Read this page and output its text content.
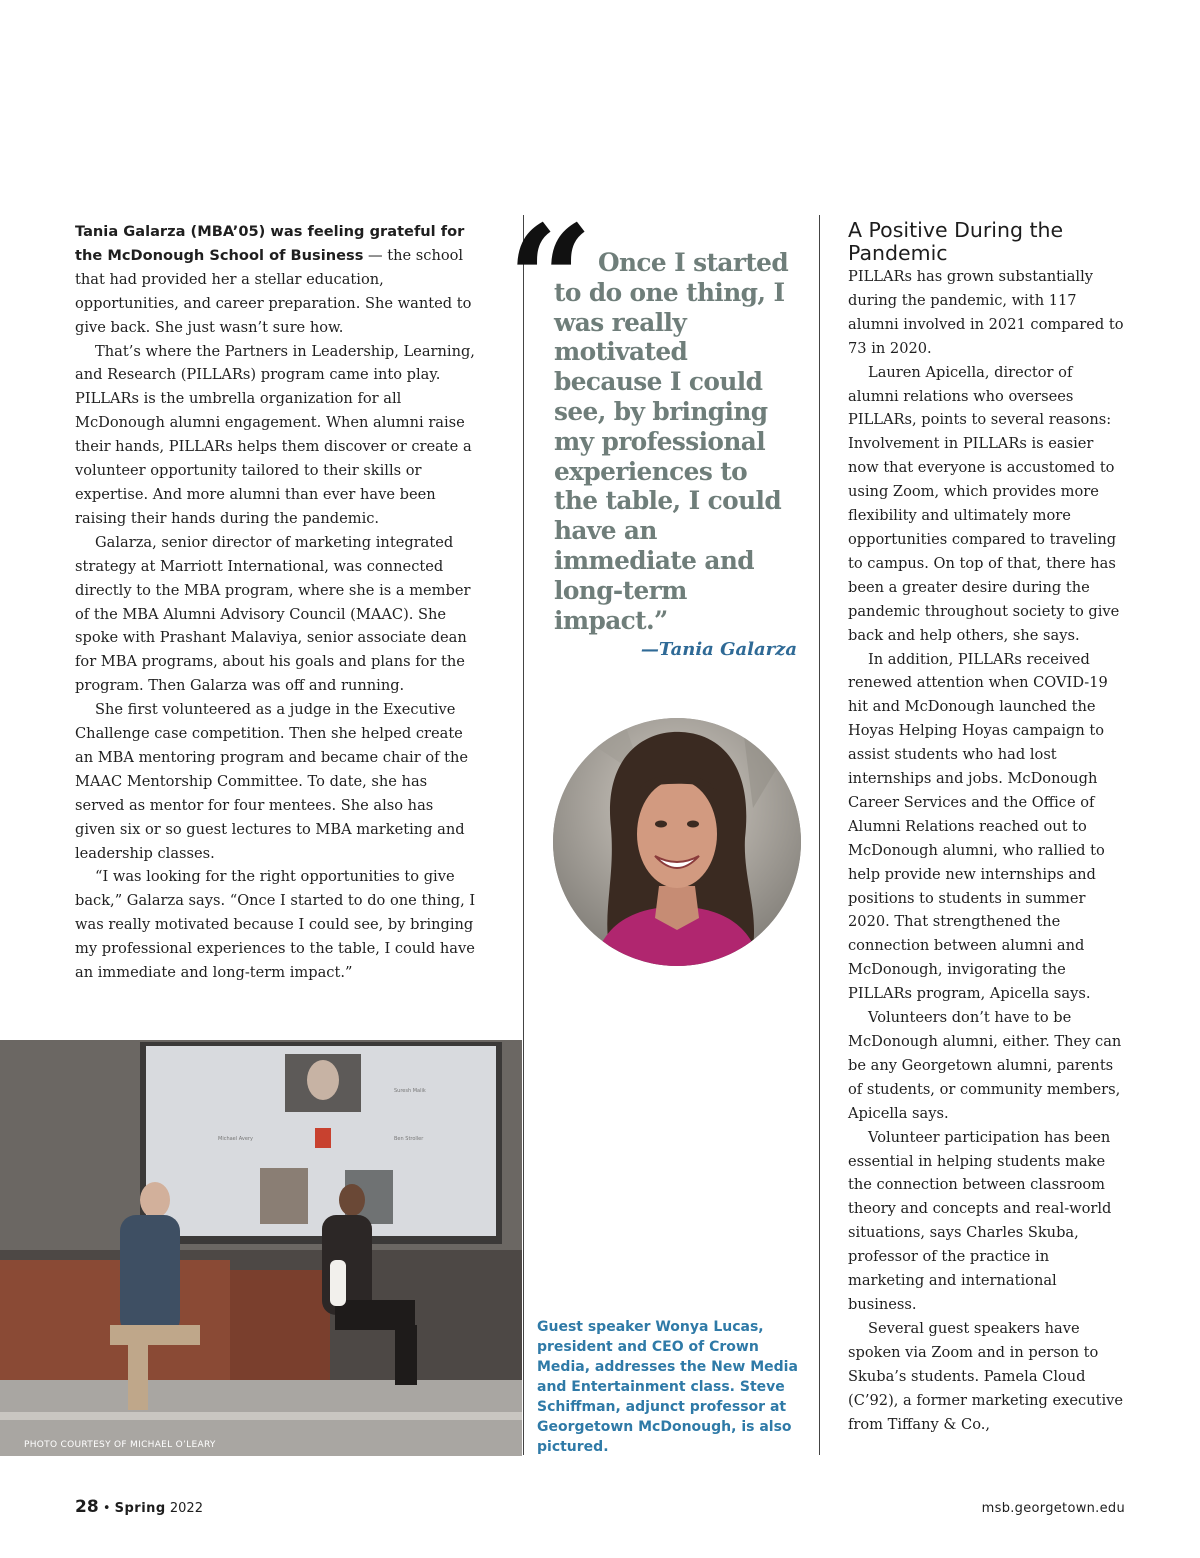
Tania Galarza (MBA’05) was feeling grateful for the McDonough School of Business — the school that had provided her a stellar education, opportunities, and career preparation. She wanted to give back. She just wasn’t sure how.

That’s where the Partners in Leadership, Learning, and Research (PILLARs) program came into play. PILLARs is the umbrella organization for all McDonough alumni engagement. When alumni raise their hands, PILLARs helps them discover or create a volunteer opportunity tailored to their skills or expertise. And more alumni than ever have been raising their hands during the pandemic.

Galarza, senior director of marketing integrated strategy at Marriott International, was connected directly to the MBA program, where she is a member of the MBA Alumni Advisory Council (MAAC). She spoke with Prashant Malaviya, senior associate dean for MBA programs, about his goals and plans for the program. Then Galarza was off and running.

She first volunteered as a judge in the Executive Challenge case competition. Then she helped create an MBA mentoring program and became chair of the MAAC Mentorship Committee. To date, she has served as mentor for four mentees. She also has given six or so guest lectures to MBA marketing and leadership classes.

“I was looking for the right opportunities to give back,” Galarza says. “Once I started to do one thing, I was really motivated because I could see, by bringing my professional experiences to the table, I could have an immediate and long-term impact.”

“ Once I started to do one thing, I was really motivated because I could see, by bringing my professional experiences to the table, I could have an immediate and long-term impact.”
—Tania Galarza
Suresh Malik
Michael Avery	Ben Stroller
PHOTO COURTESY OF MICHAEL O’LEARY
Guest speaker Wonya Lucas, president and CEO of Crown Media, addresses the New Media and Entertainment class. Steve Schiffman, adjunct professor at Georgetown McDonough, is also pictured.
A Positive During the Pandemic

PILLARs has grown substantially during the pandemic, with 117 alumni involved in 2021 compared to 73 in 2020.

Lauren Apicella, director of alumni relations who oversees PILLARs, points to several reasons: Involvement in PILLARs is easier now that everyone is accustomed to using Zoom, which provides more flexibility and ultimately more opportunities compared to traveling to campus. On top of that, there has been a greater desire during the pandemic throughout society to give back and help others, she says.

In addition, PILLARs received renewed attention when COVID-19 hit and McDonough launched the Hoyas Helping Hoyas campaign to assist students who had lost internships and jobs. McDonough Career Services and the Office of Alumni Relations reached out to McDonough alumni, who rallied to help provide new internships and positions to students in summer 2020. That strengthened the connection between alumni and McDonough, invigorating the PILLARs program, Apicella says.

Volunteers don’t have to be McDonough alumni, either. They can be any Georgetown alumni, parents of students, or community members, Apicella says.

Volunteer participation has been essential in helping students make the connection between classroom theory and concepts and real-world situations, says Charles Skuba, professor of the practice in marketing and international business.

Several guest speakers have spoken via Zoom and in person to Skuba’s students. Pamela Cloud (C’92), a former marketing executive from Tiffany & Co.,

28 • Spring 2022	msb.georgetown.edu
